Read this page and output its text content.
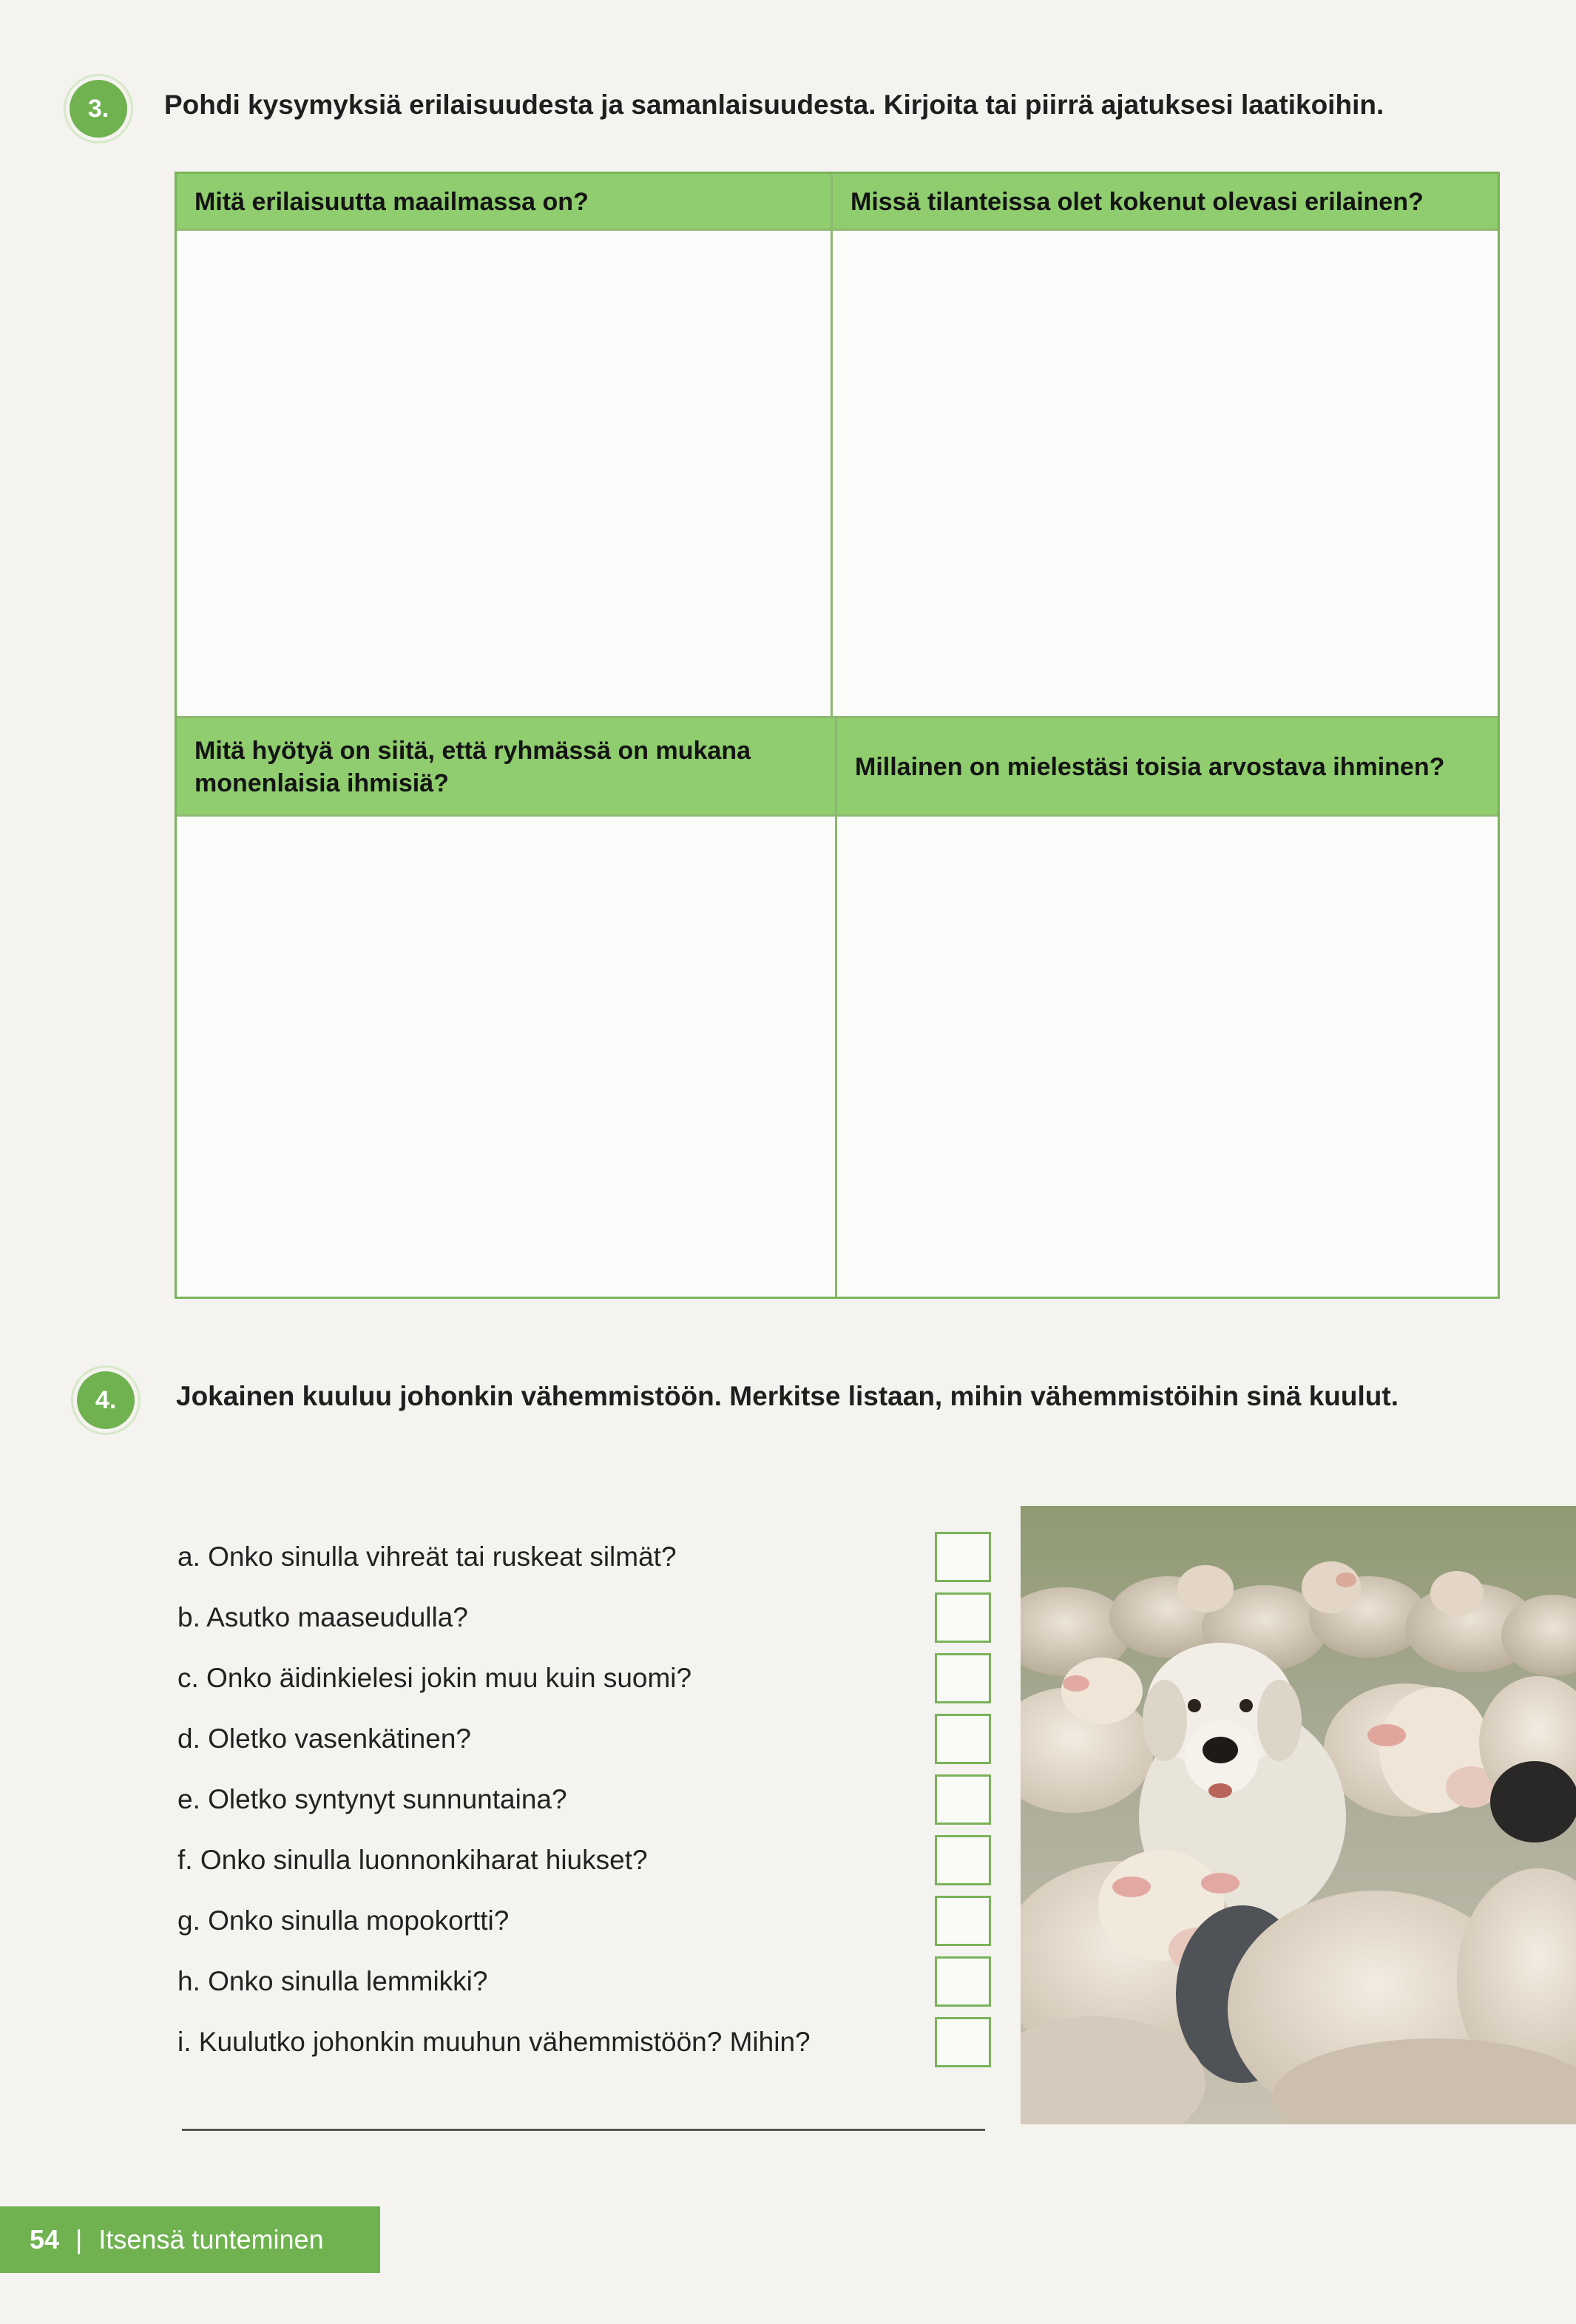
3. Pohdi kysymyksiä erilaisuudesta ja samanlaisuudesta. Kirjoita tai piirrä ajatuksesi laatikoihin.
Mitä erilaisuutta maailmassa on?	Missä tilanteissa olet kokenut olevasi erilainen?
Mitä hyötyä on siitä, että ryhmässä on mukana monenlaisia ihmisiä?
Millainen on mielestäsi toisia arvostava ihminen?
4. Jokainen kuuluu johonkin vähemmistöön. Merkitse listaan, mihin vähemmistöihin sinä kuulut.
a. Onko sinulla vihreät tai ruskeat silmät?
b. Asutko maaseudulla?
c. Onko äidinkielesi jokin muu kuin suomi?
d. Oletko vasenkätinen?
e. Oletko syntynyt sunnuntaina?
f. Onko sinulla luonnonkiharat hiukset?
g. Onko sinulla mopokortti?
h. Onko sinulla lemmikki?
i. Kuulutko johonkin muuhun vähemmistöön? Mihin?
54 | Itsensä tunteminen
